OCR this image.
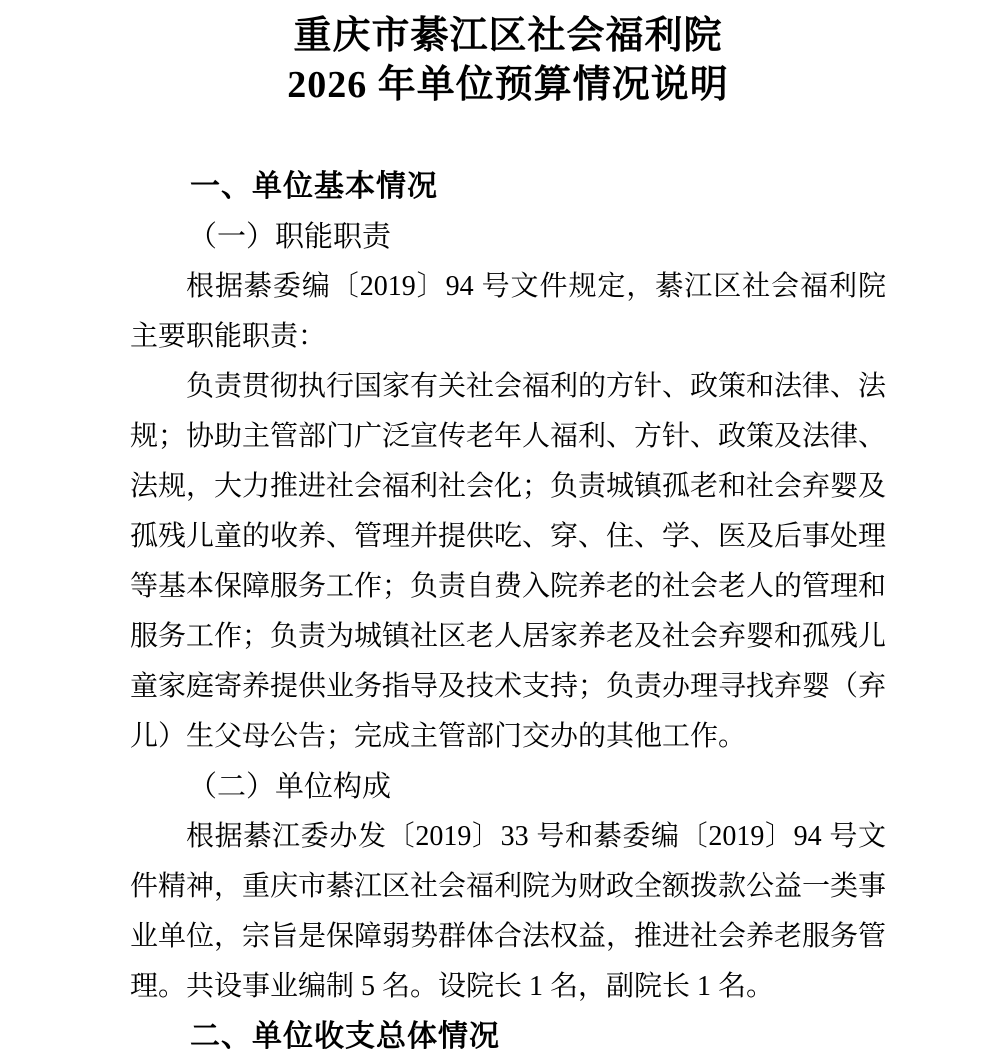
重庆市綦江区社会福利院
2026 年单位预算情况说明
一、单位基本情况
（一）职能职责

根据綦委编〔2019〕94 号文件规定，綦江区社会福利院主要职能职责：

负责贯彻执行国家有关社会福利的方针、政策和法律、法规；协助主管部门广泛宣传老年人福利、方针、政策及法律、法规，大力推进社会福利社会化；负责城镇孤老和社会弃婴及孤残儿童的收养、管理并提供吃、穿、住、学、医及后事处理等基本保障服务工作；负责自费入院养老的社会老人的管理和服务工作；负责为城镇社区老人居家养老及社会弃婴和孤残儿童家庭寄养提供业务指导及技术支持；负责办理寻找弃婴（弃儿）生父母公告；完成主管部门交办的其他工作。

（二）单位构成

根据綦江委办发〔2019〕33 号和綦委编〔2019〕94 号文件精神，重庆市綦江区社会福利院为财政全额拨款公益一类事业单位，宗旨是保障弱势群体合法权益，推进社会养老服务管理。共设事业编制 5 名。设院长 1 名，副院长 1 名。

二、单位收支总体情况
